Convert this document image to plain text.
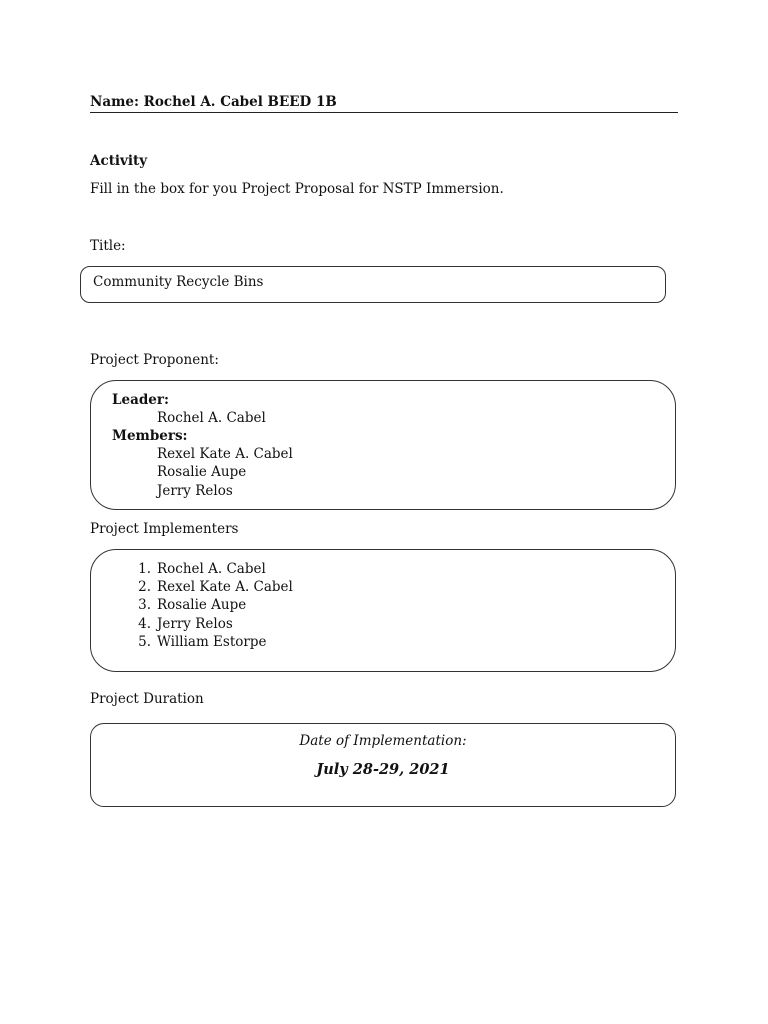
Name: Rochel A. Cabel BEED 1B
Activity
Fill in the box for you Project Proposal for NSTP Immersion.
Title:
Community Recycle Bins
Project Proponent:
Leader:
Rochel A. Cabel
Members:
Rexel Kate A. Cabel
Rosalie Aupe
Jerry Relos
Project Implementers
1. Rochel A. Cabel
2. Rexel Kate A. Cabel
3. Rosalie Aupe
4. Jerry Relos
5. William Estorpe
Project Duration
Date of Implementation:
July 28-29, 2021
